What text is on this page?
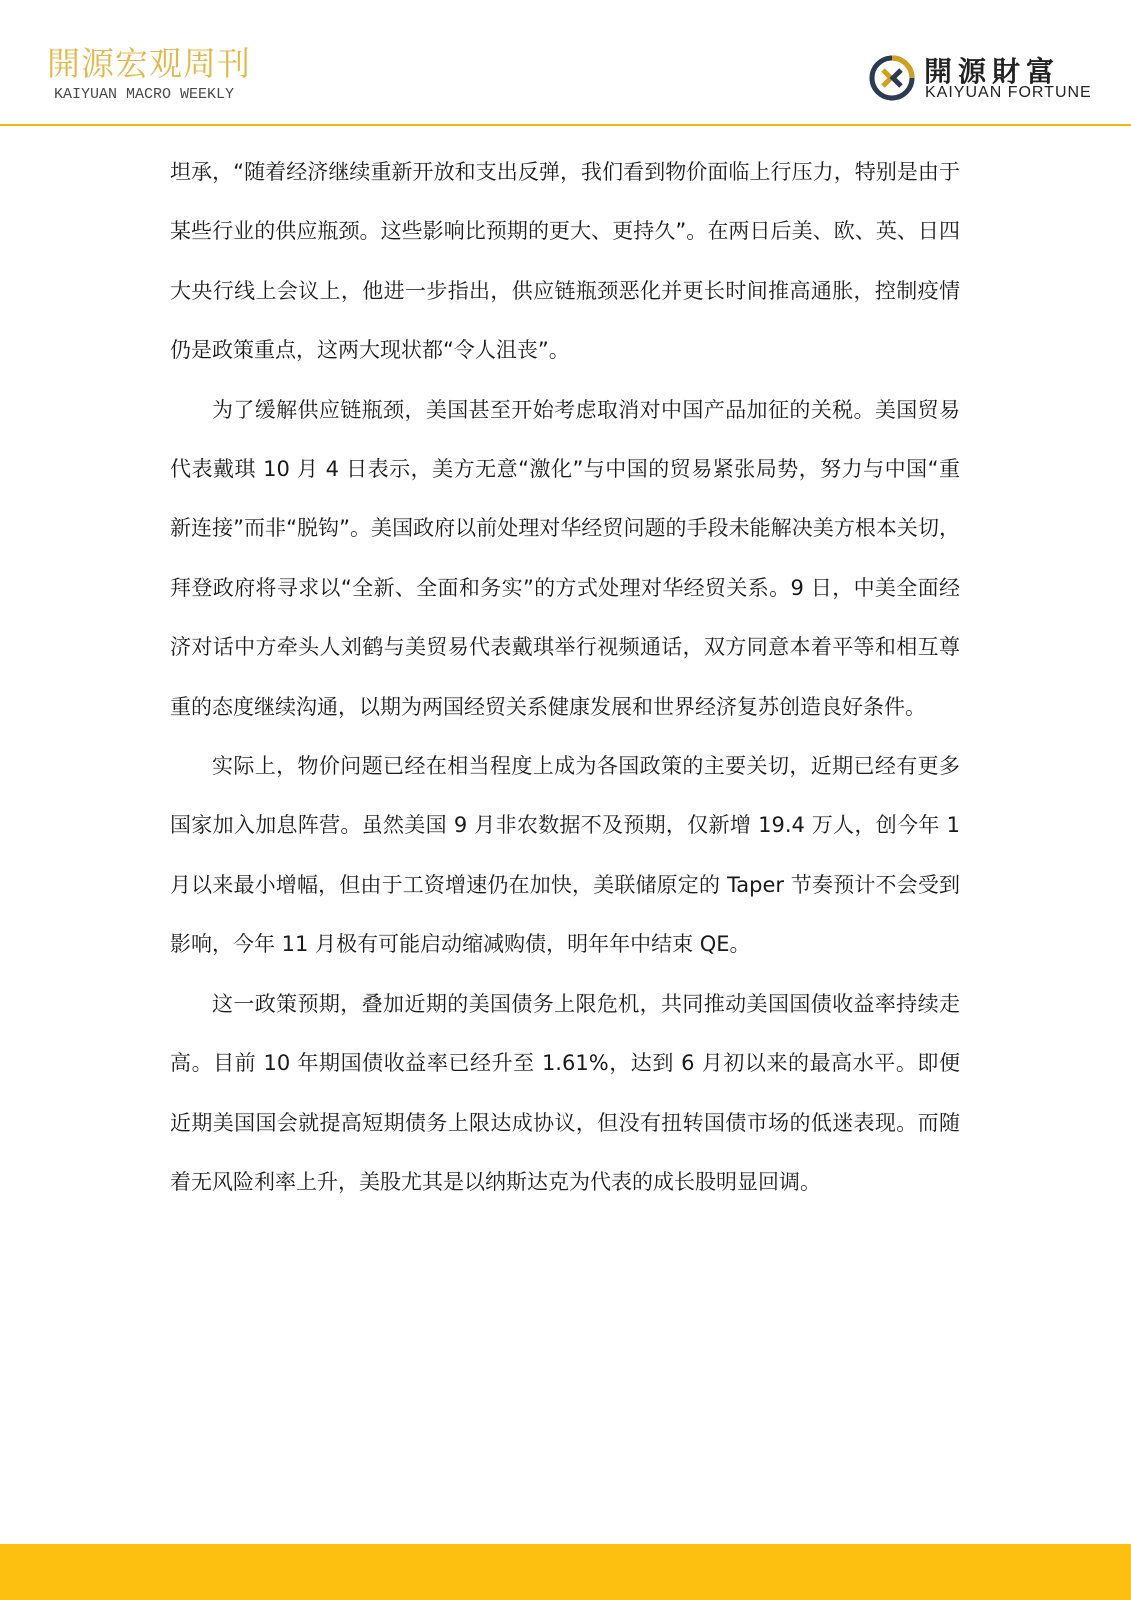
開源宏观周刊
KAIYUAN MACRO WEEKLY
開源財富
KAIYUAN FORTUNE

坦承，“随着经济继续重新开放和支出反弹，我们看到物价面临上行压力，特别是由于某些行业的供应瓶颈。这些影响比预期的更大、更持久”。在两日后美、欧、英、日四大央行线上会议上，他进一步指出，供应链瓶颈恶化并更长时间推高通胀，控制疫情仍是政策重点，这两大现状都“令人沮丧”。

为了缓解供应链瓶颈，美国甚至开始考虑取消对中国产品加征的关税。美国贸易代表戴琪 10 月 4 日表示，美方无意“激化”与中国的贸易紧张局势，努力与中国“重新连接”而非“脱钩”。美国政府以前处理对华经贸问题的手段未能解决美方根本关切，拜登政府将寻求以“全新、全面和务实”的方式处理对华经贸关系。9 日，中美全面经济对话中方牵头人刘鹤与美贸易代表戴琪举行视频通话，双方同意本着平等和相互尊重的态度继续沟通，以期为两国经贸关系健康发展和世界经济复苏创造良好条件。

实际上，物价问题已经在相当程度上成为各国政策的主要关切，近期已经有更多国家加入加息阵营。虽然美国 9 月非农数据不及预期，仅新增 19.4 万人，创今年 1 月以来最小增幅，但由于工资增速仍在加快，美联储原定的 Taper 节奏预计不会受到影响，今年 11 月极有可能启动缩减购债，明年年中结束 QE。

这一政策预期，叠加近期的美国债务上限危机，共同推动美国国债收益率持续走高。目前 10 年期国债收益率已经升至 1.61%，达到 6 月初以来的最高水平。即便近期美国国会就提高短期债务上限达成协议，但没有扭转国债市场的低迷表现。而随着无风险利率上升，美股尤其是以纳斯达克为代表的成长股明显回调。
